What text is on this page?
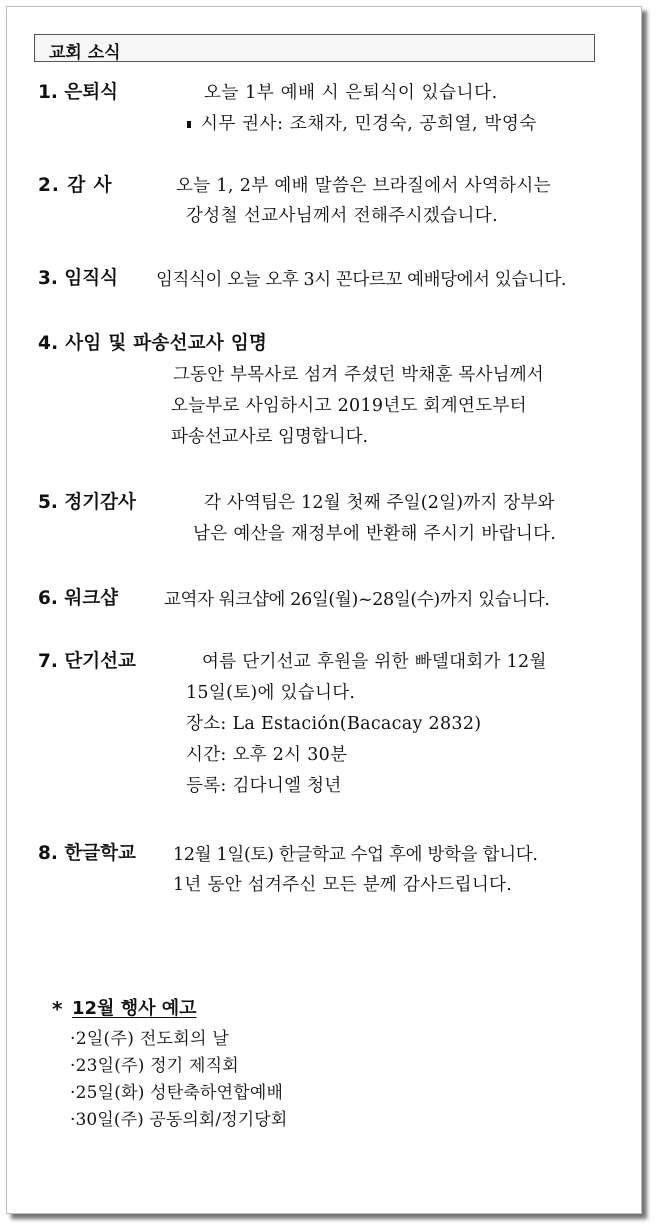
교회 소식
1. 은퇴식	오늘 1부 예배 시 은퇴식이 있습니다.
시무 권사: 조채자, 민경숙, 공희열, 박영숙
2. 감 사	오늘 1, 2부 예배 말씀은 브라질에서 사역하시는
강성철 선교사님께서 전해주시겠습니다.
3. 임직식 임직식이 오늘 오후 3시 꼰다르꼬 예배당에서 있습니다.
4. 사임 및 파송선교사 임명
그동안 부목사로 섬겨 주셨던 박채훈 목사님께서
오늘부로 사임하시고 2019년도 회계연도부터
파송선교사로 임명합니다.
5. 정기감사	각 사역팀은 12월 첫째 주일(2일)까지 장부와
남은 예산을 재정부에 반환해 주시기 바랍니다.
6. 워크샵	교역자 워크샵에 26일(월)~28일(수)까지 있습니다.
7. 단기선교	여름 단기선교 후원을 위한 빠델대회가 12월
15일(토)에 있습니다.
장소: La Estación(Bacacay 2832)
시간: 오후 2시 30분
등록: 김다니엘 청년
8. 한글학교 12월 1일(토) 한글학교 수업 후에 방학을 합니다.
1년 동안 섬겨주신 모든 분께 감사드립니다.
* 12월 행사 예고
·2일(주) 전도회의 날
·23일(주) 정기 제직회
·25일(화) 성탄축하연합예배
·30일(주) 공동의회/정기당회
